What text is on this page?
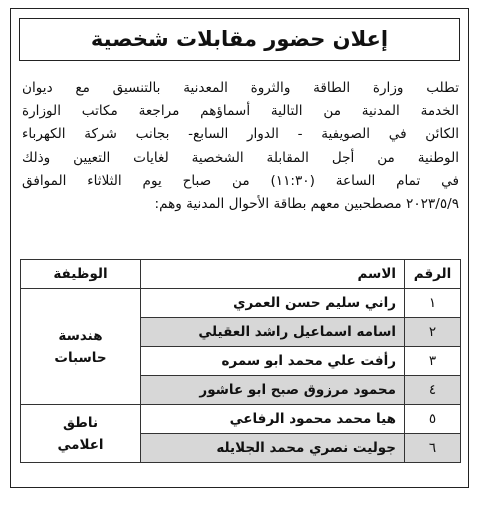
إعلان حضور مقابلات شخصية
تطلب وزارة الطاقة والثروة المعدنية بالتنسيق مع ديوان
الخدمة المدنية من التالية أسماؤهم مراجعة مكاتب الوزارة
الكائن في الصويفية - الدوار السابع- بجانب شركة الكهرباء
الوطنية من أجل المقابلة الشخصية لغايات التعيين وذلك
في تمام الساعة (١١:٣٠) من صباح يوم الثلاثاء الموافق
٢٠٢٣/٥/٩ مصطحبين معهم بطاقة الأحوال المدنية وهم:
الرقم	الاسم	الوظيفة
١	راني سليم حسن العمري	هندسة
حاسبات

٢	اسامه اسماعيل راشد العقيلي	
٣	رأفت علي محمد ابو سمره	
٤	محمود مرزوق صبح ابو عاشور	
٥	هيا محمد محمود الرفاعي	ناطق
اعلامي

٦	جوليت نصري محمد الجلايله	
